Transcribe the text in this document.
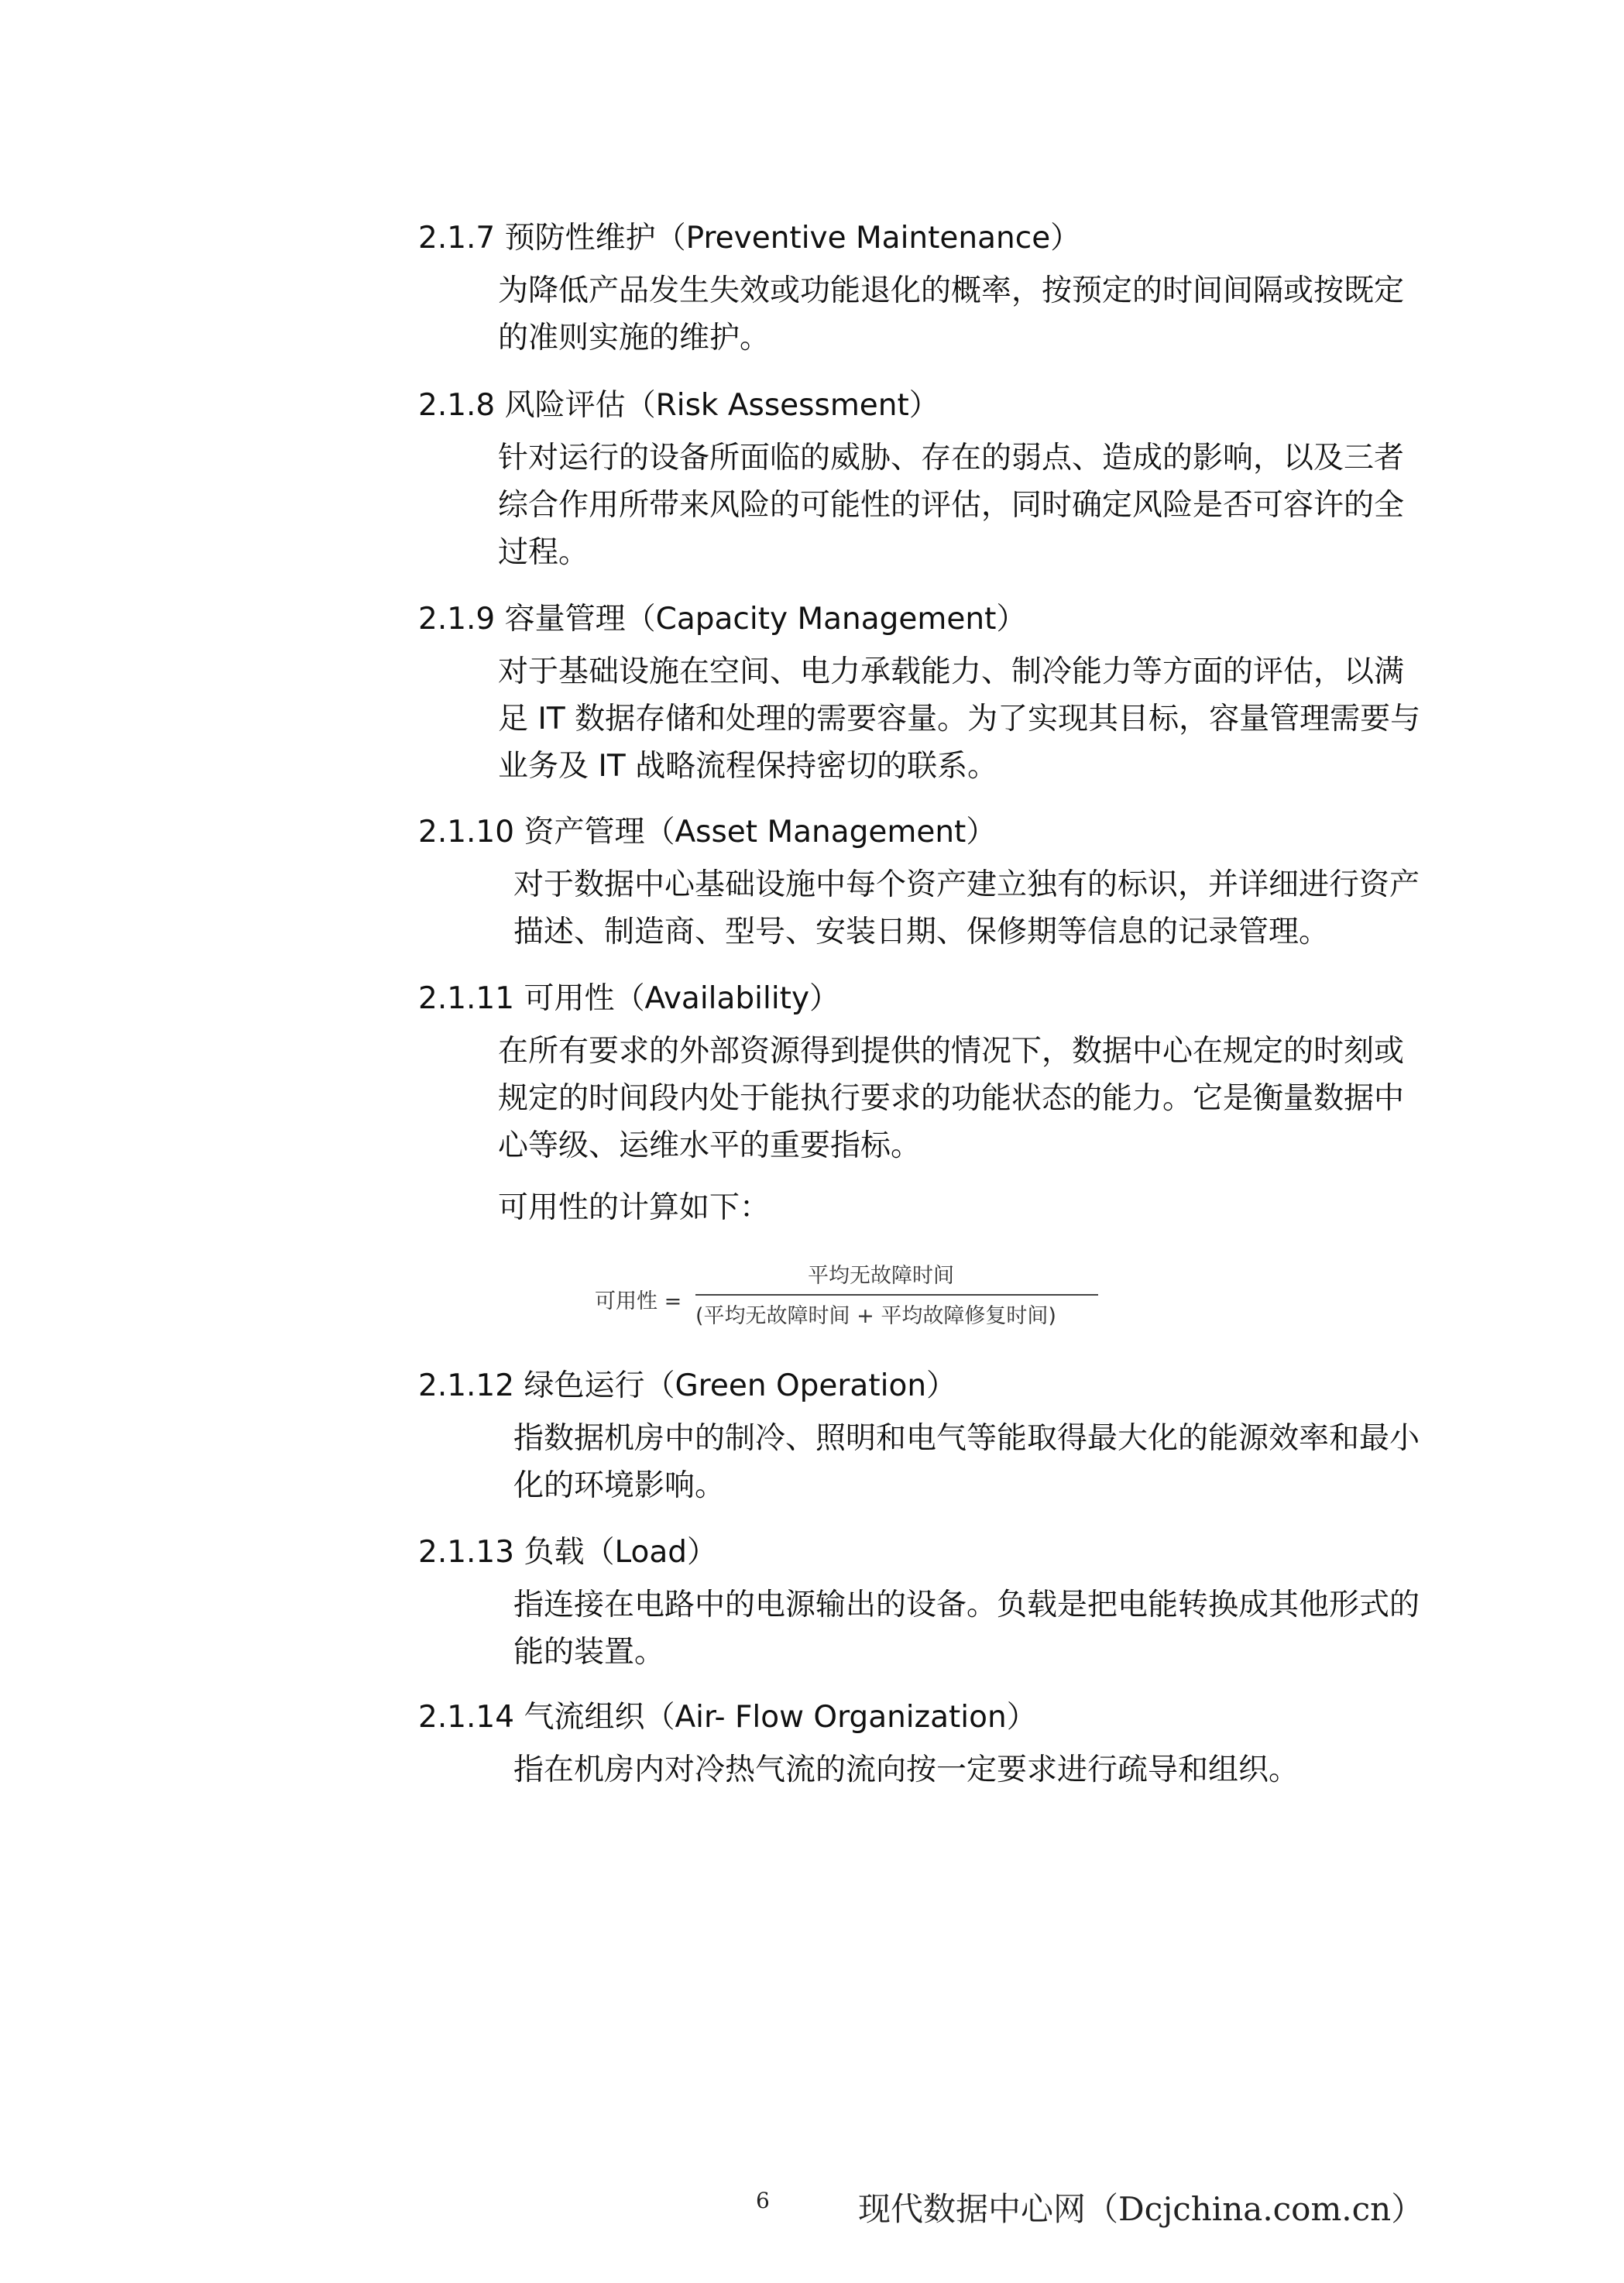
2.1.7 预防性维护（Preventive Maintenance）
为降低产品发生失效或功能退化的概率，按预定的时间间隔或按既定
的准则实施的维护。
2.1.8 风险评估（Risk Assessment）
针对运行的设备所面临的威胁、存在的弱点、造成的影响，以及三者
综合作用所带来风险的可能性的评估，同时确定风险是否可容许的全
过程。
2.1.9 容量管理（Capacity Management）
对于基础设施在空间、电力承载能力、制冷能力等方面的评估，以满
足 IT 数据存储和处理的需要容量。为了实现其目标，容量管理需要与
业务及 IT 战略流程保持密切的联系。
2.1.10 资产管理（Asset Management）
对于数据中心基础设施中每个资产建立独有的标识，并详细进行资产
描述、制造商、型号、安装日期、保修期等信息的记录管理。
2.1.11 可用性（Availability）
在所有要求的外部资源得到提供的情况下，数据中心在规定的时刻或
规定的时间段内处于能执行要求的功能状态的能力。它是衡量数据中
心等级、运维水平的重要指标。
可用性的计算如下：
可用性 =
平均无故障时间
(平均无故障时间 + 平均故障修复时间)
2.1.12 绿色运行（Green Operation）
指数据机房中的制冷、照明和电气等能取得最大化的能源效率和最小
化的环境影响。
2.1.13 负载（Load）
指连接在电路中的电源输出的设备。负载是把电能转换成其他形式的
能的装置。
2.1.14 气流组织（Air- Flow Organization）
指在机房内对冷热气流的流向按一定要求进行疏导和组织。
6	现代数据中心网（Dcjchina.com.cn）
